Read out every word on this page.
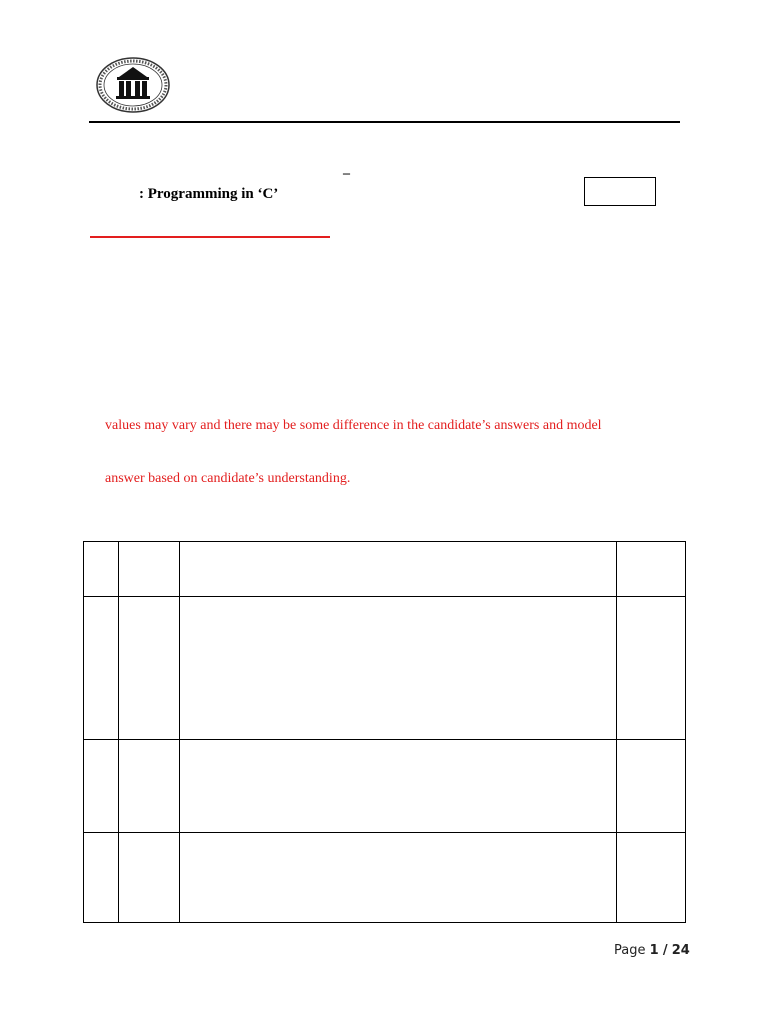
–
: Programming in ‘C’
values may vary and there may be some difference in the candidate’s answers and model
answer based on candidate’s understanding.

Page 1 / 24
